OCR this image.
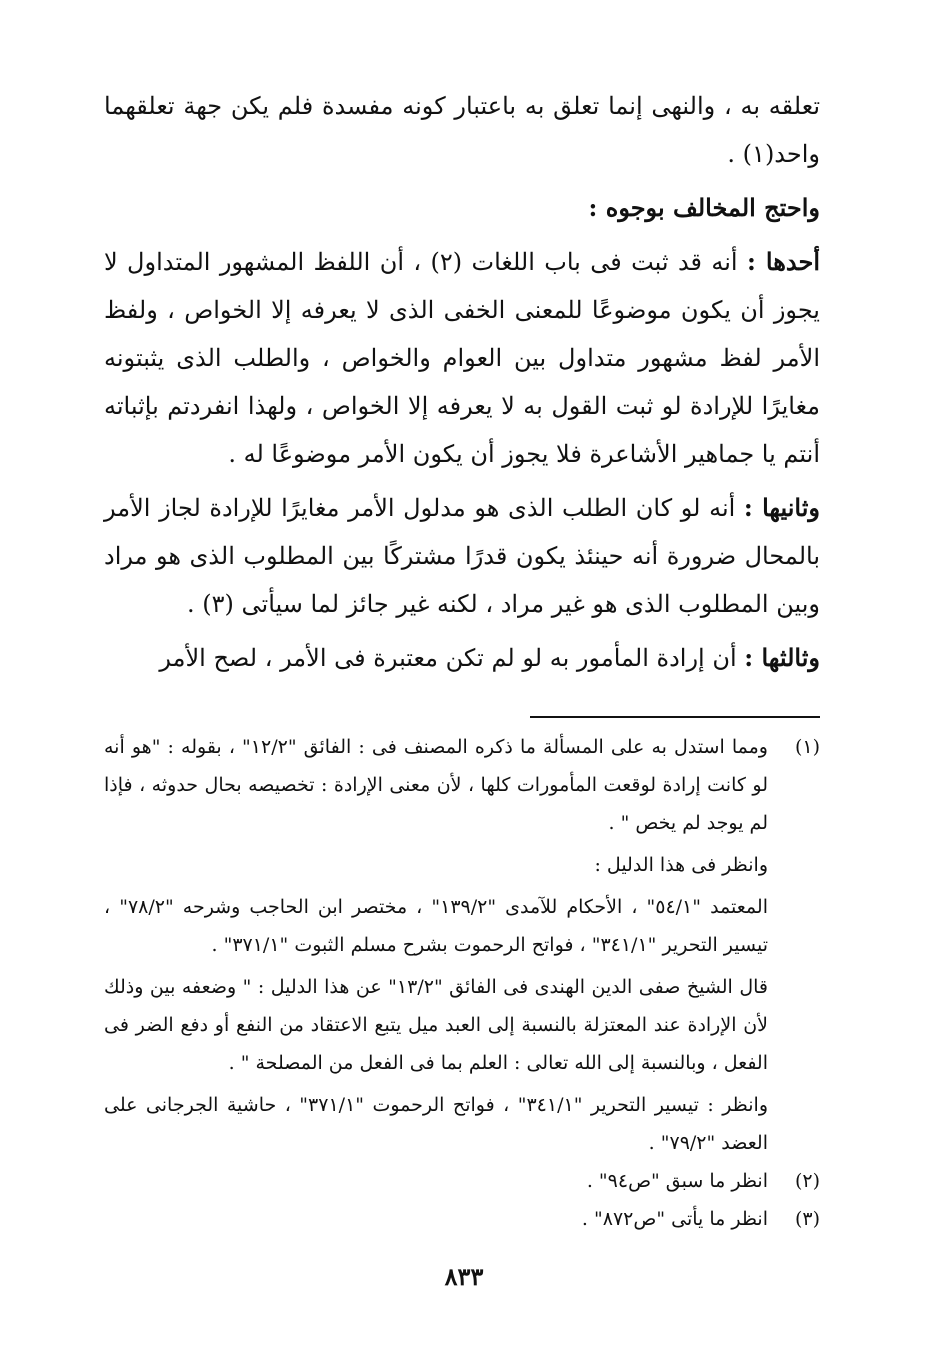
تعلقه به ، والنهى إنما تعلق به باعتبار كونه مفسدة فلم يكن جهة تعلقهما واحد(١) .

واحتج المخالف بوجوه :

أحدها : أنه قد ثبت فى باب اللغات (٢) ، أن اللفظ المشهور المتداول لا يجوز أن يكون موضوعًا للمعنى الخفى الذى لا يعرفه إلا الخواص ، ولفظ الأمر لفظ مشهور متداول بين العوام والخواص ، والطلب الذى يثبتونه مغايرًا للإرادة لو ثبت القول به لا يعرفه إلا الخواص ، ولهذا انفردتم بإثباته أنتم يا جماهير الأشاعرة فلا يجوز أن يكون الأمر موضوعًا له .

وثانيها : أنه لو كان الطلب الذى هو مدلول الأمر مغايرًا للإرادة لجاز الأمر بالمحال ضرورة أنه حينئذ يكون قدرًا مشتركًا بين المطلوب الذى هو مراد وبين المطلوب الذى هو غير مراد ، لكنه غير جائز لما سيأتى (٣) .

وثالثها : أن إرادة المأمور به لو لم تكن معتبرة فى الأمر ، لصح الأمر

(١)

ومما استدل به على المسألة ما ذكره المصنف فى : الفائق "١٢/٢" ، بقوله : "هو أنه لو كانت إرادة لوقعت المأمورات كلها ، لأن معنى الإرادة : تخصيصه بحال حدوثه ، فإذا لم يوجد لم يخص " .

وانظر فى هذا الدليل :

المعتمد "٥٤/١" ، الأحكام للآمدى "١٣٩/٢" ، مختصر ابن الحاجب وشرحه "٧٨/٢" ، تيسير التحرير "٣٤١/١" ، فواتح الرحموت بشرح مسلم الثبوت "٣٧١/١" .

قال الشيخ صفى الدين الهندى فى الفائق "١٣/٢" عن هذا الدليل : " وضعفه بين وذلك لأن الإرادة عند المعتزلة بالنسبة إلى العبد ميل يتبع الاعتقاد من النفع أو دفع الضر فى الفعل ، وبالنسبة إلى الله تعالى : العلم بما فى الفعل من المصلحة " .

وانظر : تيسير التحرير "٣٤١/١" ، فواتح الرحموت "٣٧١/١" ، حاشية الجرجانى على العضد "٧٩/٢" .

(٢)
انظر ما سبق "ص٩٤" .
(٣)
انظر ما يأتى "ص٨٧٢" .
٨٣٣
